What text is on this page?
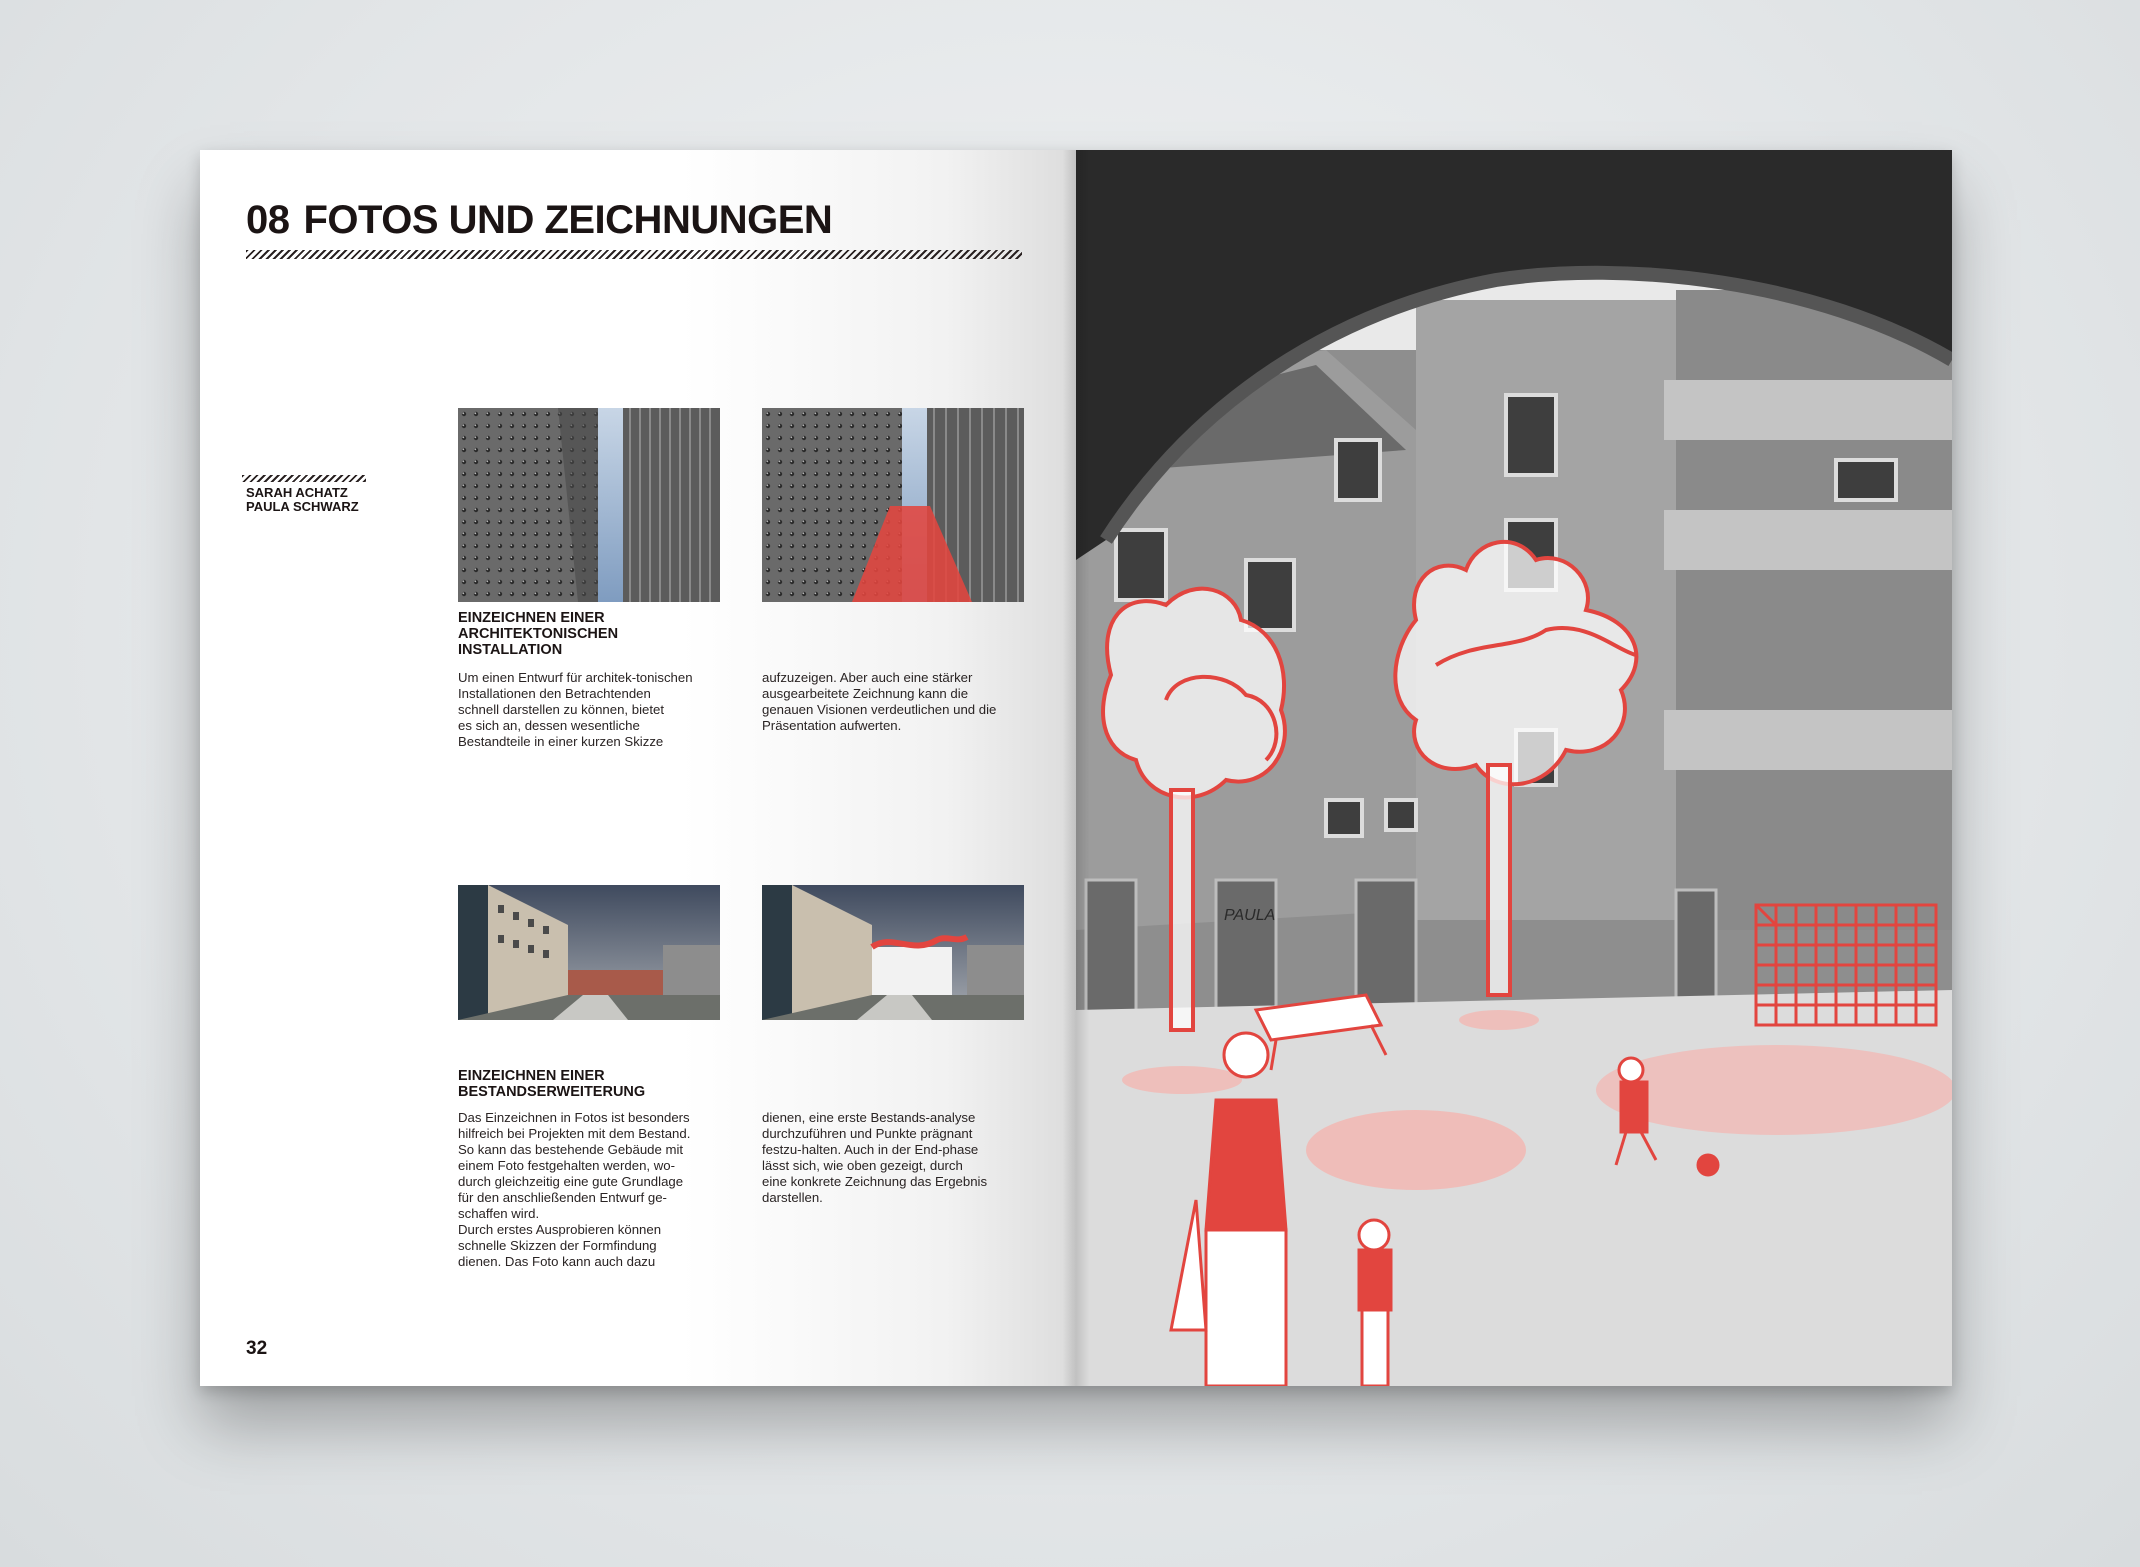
08 FOTOS UND ZEICHNUNGEN
SARAH ACHATZ
PAULA SCHWARZ
EINZEICHNEN EINER ARCHITEKTONISCHEN INSTALLATION

Um einen Entwurf für architek-tonischen
Installationen den Betrachtenden
schnell darstellen zu können, bietet
es sich an, dessen wesentliche
Bestandteile in einer kurzen Skizze

aufzuzeigen. Aber auch eine stärker
ausgearbeitete Zeichnung kann die
genauen Visionen verdeutlichen und die
Präsentation aufwerten.

EINZEICHNEN EINER BESTANDSERWEITERUNG

Das Einzeichnen in Fotos ist besonders
hilfreich bei Projekten mit dem Bestand.
So kann das bestehende Gebäude mit
einem Foto festgehalten werden, wo-
durch gleichzeitig eine gute Grundlage
für den anschließenden Entwurf ge-
schaffen wird.
Durch erstes Ausprobieren können
schnelle Skizzen der Formfindung
dienen. Das Foto kann auch dazu

dienen, eine erste Bestands-analyse
durchzuführen und Punkte prägnant
festzu-halten. Auch in der End-phase
lässt sich, wie oben gezeigt, durch
eine konkrete Zeichnung das Ergebnis
darstellen.

32
PAULA
